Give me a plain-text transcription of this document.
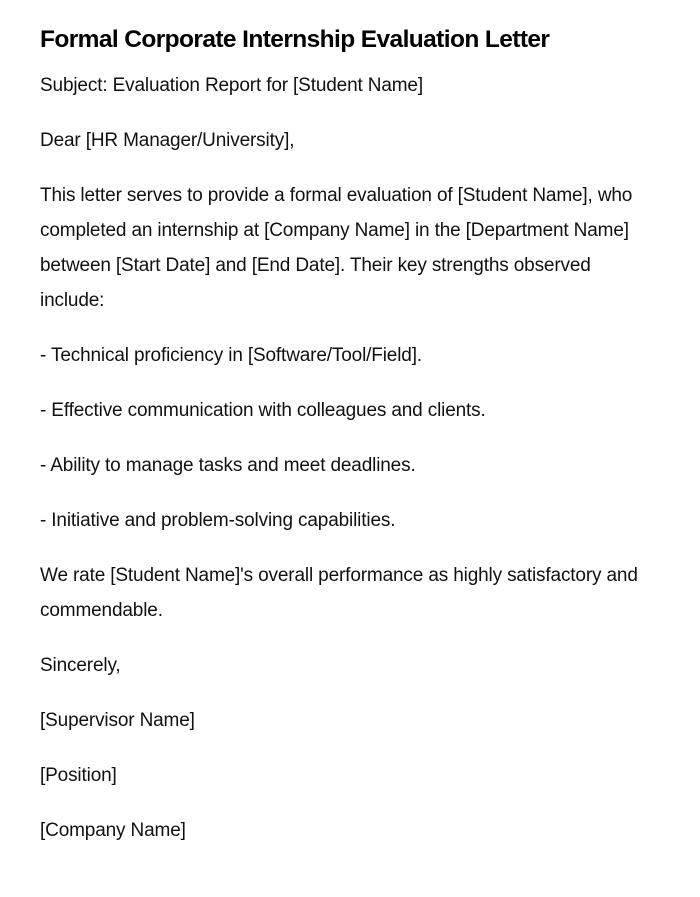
Formal Corporate Internship Evaluation Letter

Subject: Evaluation Report for [Student Name]

Dear [HR Manager/University],

This letter serves to provide a formal evaluation of [Student Name], who completed an internship at [Company Name] in the [Department Name] between [Start Date] and [End Date]. Their key strengths observed include:

- Technical proficiency in [Software/Tool/Field].

- Effective communication with colleagues and clients.

- Ability to manage tasks and meet deadlines.

- Initiative and problem-solving capabilities.

We rate [Student Name]'s overall performance as highly satisfactory and commendable.

Sincerely,

[Supervisor Name]

[Position]

[Company Name]
